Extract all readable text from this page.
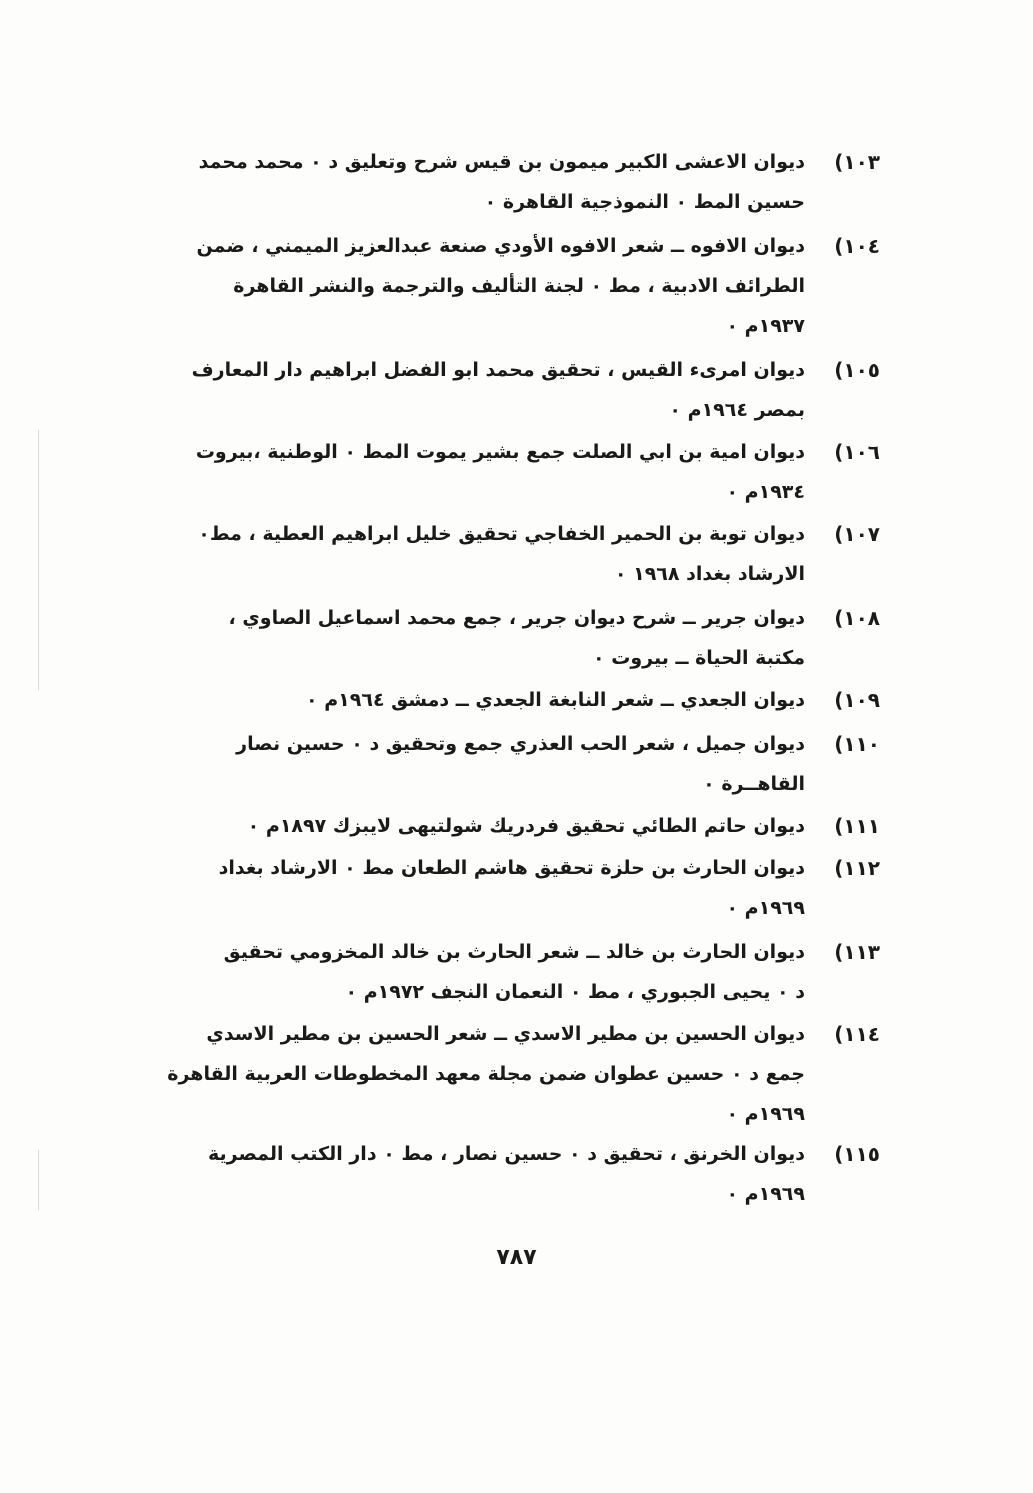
١٠٣)
ديوان الاعشى الكبير ميمون بن قيس شرح وتعليق د ٠ محمد محمد
حسين المط ٠ النموذجية القاهرة ٠
١٠٤)
ديوان الافوه ــ شعر الافوه الأودي صنعة عبدالعزيز الميمني ، ضمن
الطرائف الادبية ، مط ٠ لجنة التأليف والترجمة والنشر القاهرة
١٩٣٧م ٠
١٠٥)
ديوان امرىء القيس ، تحقيق محمد ابو الفضل ابراهيم دار المعارف
بمصر ١٩٦٤م ٠
١٠٦)
ديوان امية بن ابي الصلت جمع بشير يموت المط ٠ الوطنية ،بيروت
١٩٣٤م ٠
١٠٧)
ديوان توبة بن الحمير الخفاجي تحقيق خليل ابراهيم العطية ، مط٠
الارشاد بغداد ١٩٦٨ ٠
١٠٨)
ديوان جرير ــ شرح ديوان جرير ، جمع محمد اسماعيل الصاوي ،
مكتبة الحياة ــ بيروت ٠
١٠٩)
ديوان الجعدي ــ شعر النابغة الجعدي ــ دمشق ١٩٦٤م ٠
١١٠)
ديوان جميل ، شعر الحب العذري جمع وتحقيق د ٠ حسين نصار
القاهــرة ٠
١١١)
ديوان حاتم الطائي تحقيق فردريك شولتيهى لايبزك ١٨٩٧م ٠
١١٢)
ديوان الحارث بن حلزة تحقيق هاشم الطعان مط ٠ الارشاد بغداد
١٩٦٩م ٠
١١٣)
ديوان الحارث بن خالد ــ شعر الحارث بن خالد المخزومي تحقيق
د ٠ يحيى الجبوري ، مط ٠ النعمان النجف ١٩٧٢م ٠
١١٤)
ديوان الحسين بن مطير الاسدي ــ شعر الحسين بن مطير الاسدي
جمع د ٠ حسين عطوان ضمن مجلة معهد المخطوطات العربية القاهرة
١٩٦٩م ٠
١١٥)
ديوان الخرنق ، تحقيق د ٠ حسين نصار ، مط ٠ دار الكتب المصرية
١٩٦٩م ٠
٧٨٧
